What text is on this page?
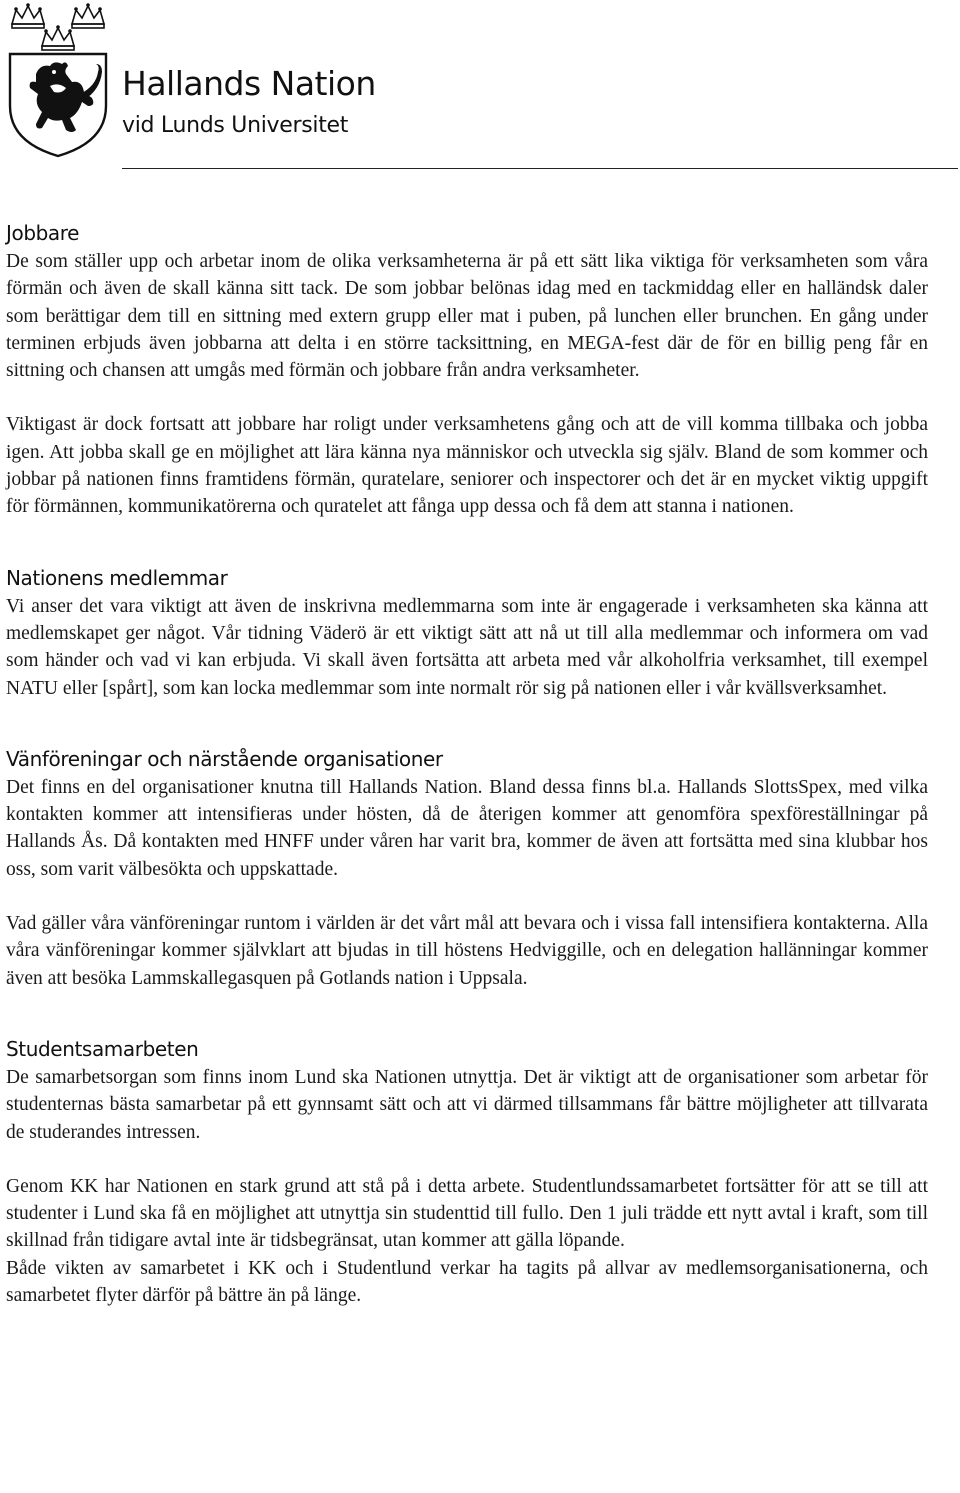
Hallands Nation
vid Lunds Universitet
Jobbare

De som ställer upp och arbetar inom de olika verksamheterna är på ett sätt lika viktiga för verksamheten som våra förmän och även de skall känna sitt tack. De som jobbar belönas idag med en tackmiddag eller en halländsk daler som berättigar dem till en sittning med extern grupp eller mat i puben, på lunchen eller brunchen. En gång under terminen erbjuds även jobbarna att delta i en större tacksittning, en MEGA-fest där de för en billig peng får en sittning och chansen att umgås med förmän och jobbare från andra verksamheter.

Viktigast är dock fortsatt att jobbare har roligt under verksamhetens gång och att de vill komma tillbaka och jobba igen. Att jobba skall ge en möjlighet att lära känna nya människor och utveckla sig själv. Bland de som kommer och jobbar på nationen finns framtidens förmän, quratelare, seniorer och inspectorer och det är en mycket viktig uppgift för förmännen, kommunikatörerna och quratelet att fånga upp dessa och få dem att stanna i nationen.

Nationens medlemmar

Vi anser det vara viktigt att även de inskrivna medlemmarna som inte är engagerade i verksamheten ska känna att medlemskapet ger något. Vår tidning Väderö är ett viktigt sätt att nå ut till alla medlemmar och informera om vad som händer och vad vi kan erbjuda. Vi skall även fortsätta att arbeta med vår alkoholfria verksamhet, till exempel NATU eller [spårt], som kan locka medlemmar som inte normalt rör sig på nationen eller i vår kvällsverksamhet.

Vänföreningar och närstående organisationer

Det finns en del organisationer knutna till Hallands Nation. Bland dessa finns bl.a. Hallands SlottsSpex, med vilka kontakten kommer att intensifieras under hösten, då de återigen kommer att genomföra spexföreställningar på Hallands Ås. Då kontakten med HNFF under våren har varit bra, kommer de även att fortsätta med sina klubbar hos oss, som varit välbesökta och uppskattade.

Vad gäller våra vänföreningar runtom i världen är det vårt mål att bevara och i vissa fall intensifiera kontakterna. Alla våra vänföreningar kommer självklart att bjudas in till höstens Hedviggille, och en delegation hallänningar kommer även att besöka Lammskallegasquen på Gotlands nation i Uppsala.

Studentsamarbeten

De samarbetsorgan som finns inom Lund ska Nationen utnyttja. Det är viktigt att de organisationer som arbetar för studenternas bästa samarbetar på ett gynnsamt sätt och att vi därmed tillsammans får bättre möjligheter att tillvarata de studerandes intressen.

Genom KK har Nationen en stark grund att stå på i detta arbete. Studentlundssamarbetet fortsätter för att se till att studenter i Lund ska få en möjlighet att utnyttja sin studenttid till fullo. Den 1 juli trädde ett nytt avtal i kraft, som till skillnad från tidigare avtal inte är tidsbegränsat, utan kommer att gälla löpande.

Både vikten av samarbetet i KK och i Studentlund verkar ha tagits på allvar av medlemsorganisationerna, och samarbetet flyter därför på bättre än på länge.
